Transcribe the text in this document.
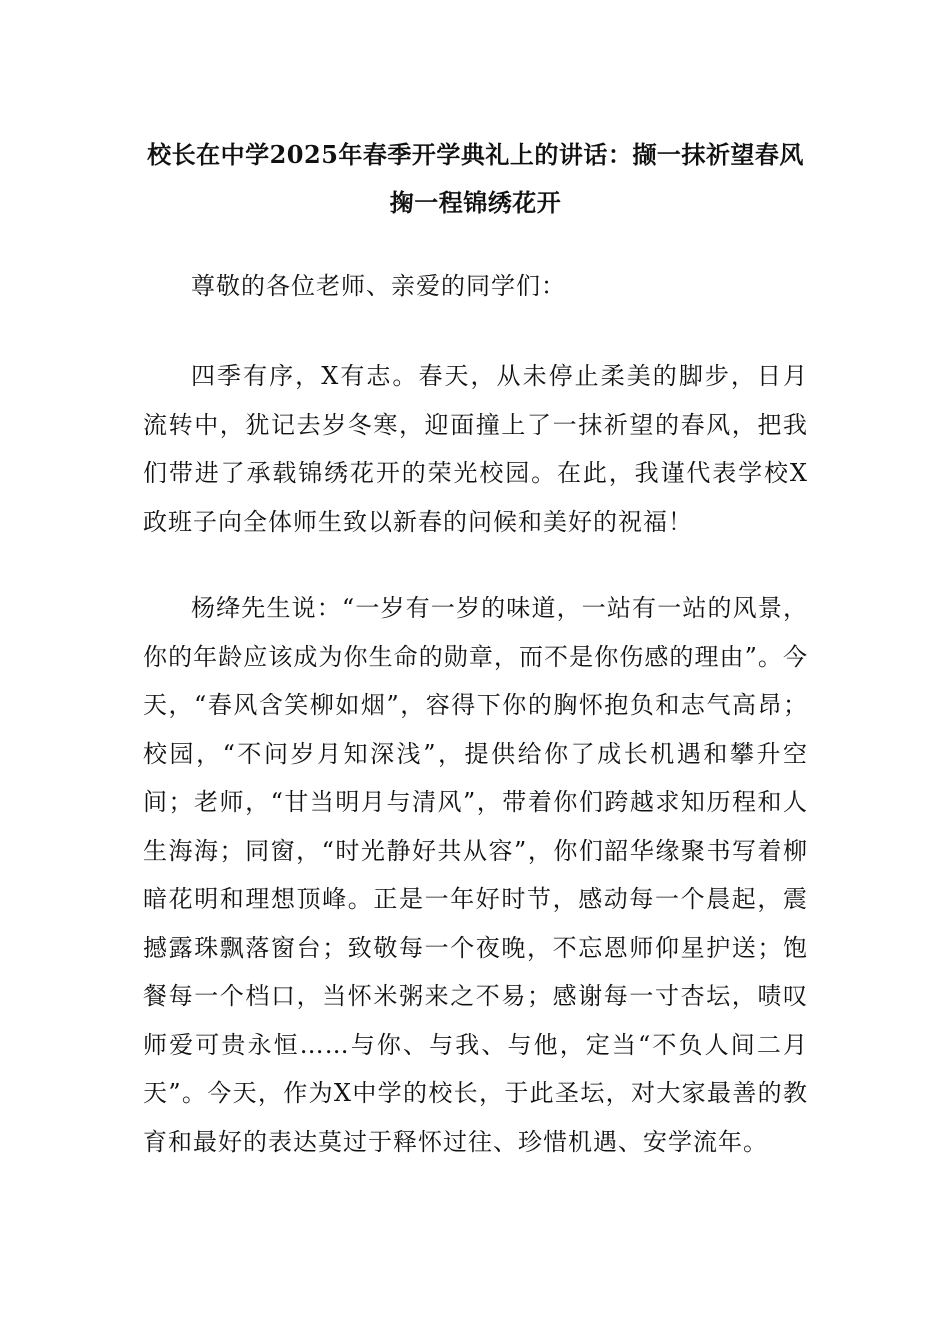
校长在中学2025年春季开学典礼上的讲话：撷一抹祈望春风掬一程锦绣花开

尊敬的各位老师、亲爱的同学们：

四季有序，X有志。春天，从未停止柔美的脚步，日月流转中，犹记去岁冬寒，迎面撞上了一抹祈望的春风，把我们带进了承载锦绣花开的荣光校园。在此，我谨代表学校X政班子向全体师生致以新春的问候和美好的祝福！

杨绛先生说：“一岁有一岁的味道，一站有一站的风景，你的年龄应该成为你生命的勋章，而不是你伤感的理由”。今天，“春风含笑柳如烟”，容得下你的胸怀抱负和志气高昂；校园，“不问岁月知深浅”，提供给你了成长机遇和攀升空间；老师，“甘当明月与清风”，带着你们跨越求知历程和人生海海；同窗，“时光静好共从容”，你们韶华缘聚书写着柳暗花明和理想顶峰。正是一年好时节，感动每一个晨起，震撼露珠飘落窗台；致敬每一个夜晚，不忘恩师仰星护送；饱餐每一个档口，当怀米粥来之不易；感谢每一寸杏坛，啧叹师爱可贵永恒……与你、与我、与他，定当“不负人间二月天”。今天，作为X中学的校长，于此圣坛，对大家最善的教育和最好的表达莫过于释怀过往、珍惜机遇、安学流年。
